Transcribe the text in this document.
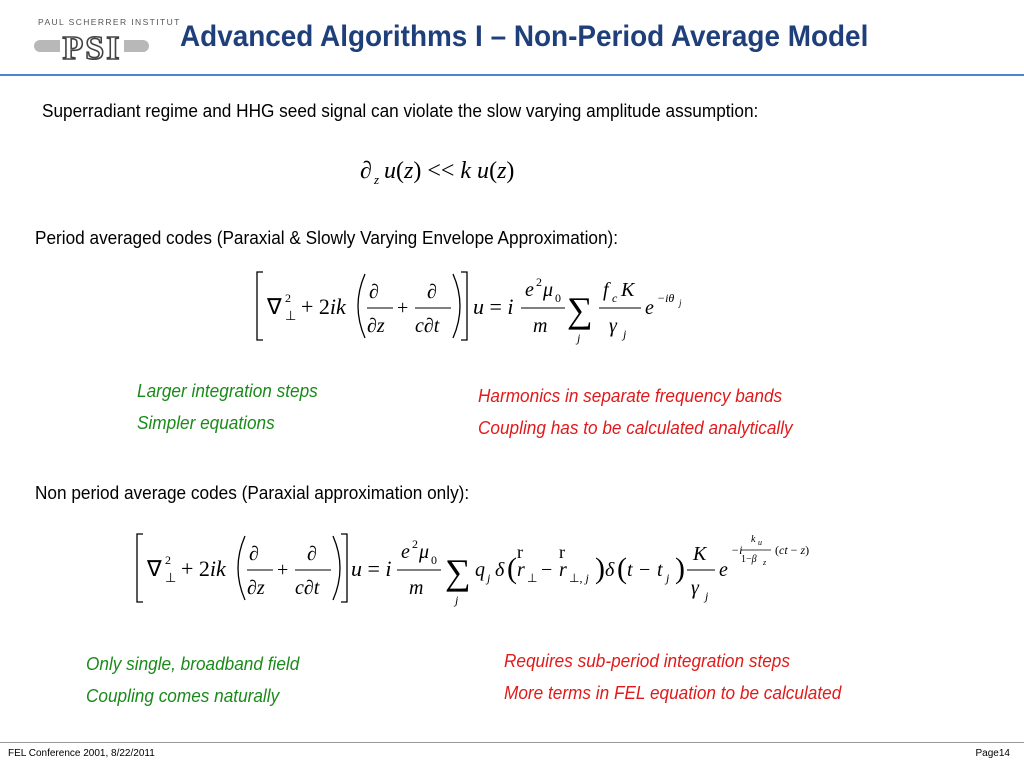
PAUL SCHERRER INSTITUT
PSI Advanced Algorithms I – Non-Period Average Model
Superradiant regime and HHG seed signal can violate the slow varying amplitude assumption:
∂ z u(z) << k u(z)
Period averaged codes (Paraxial & Slowly Varying Envelope Approximation):
∇ 2
⊥ + 2ik
∂
∂z
+
∂
c∂t
u = i
e 2 μ 0
m ∑
j
f c K
γ j
e −iθ j
Larger integration steps
Simpler equations
Harmonics in separate frequency bands
Coupling has to be calculated analytically
Non period average codes (Paraxial approximation only):
∇ 2
⊥ + 2ik
∂
∂z
+
∂
c∂t
u = i
e 2 μ 0
m ∑
j
q j δ ( r
r
⊥ − r
r
⊥, j ) δ ( t − t j ) K
γ j
e
−i
k u
1−β z
(ct − z)
Only single, broadband field
Coupling comes naturally
Requires sub-period integration steps
More terms in FEL equation to be calculated
FEL Conference 2001, 8/22/2011	Page14
